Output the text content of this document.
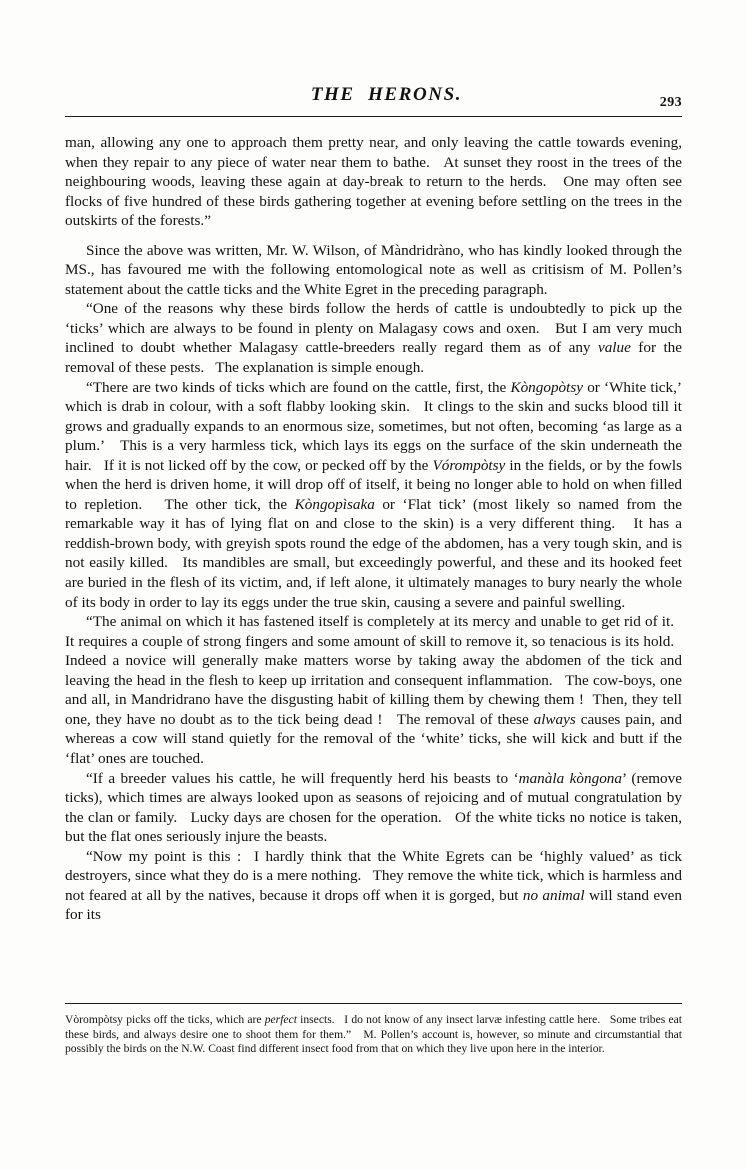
THE HERONS.	293

man, allowing any one to approach them pretty near, and only leaving the cattle towards evening, when they repair to any piece of water near them to bathe.   At sunset they roost in the trees of the neighbouring woods, leaving these again at day-break to return to the herds.   One may often see flocks of five hundred of these birds gathering together at evening before settling on the trees in the outskirts of the forests.”

Since the above was written, Mr. W. Wilson, of Màndridràno, who has kindly looked through the MS., has favoured me with the following entomological note as well as critisism of M. Pollen’s statement about the cattle ticks and the White Egret in the preceding paragraph.

“One of the reasons why these birds follow the herds of cattle is undoubtedly to pick up the ‘ticks’ which are always to be found in plenty on Malagasy cows and oxen.   But I am very much inclined to doubt whether Malagasy cattle-breeders really regard them as of any value for the removal of these pests.   The explanation is simple enough.

“There are two kinds of ticks which are found on the cattle, first, the Kòngopòtsy or ‘White tick,’ which is drab in colour, with a soft flabby looking skin.   It clings to the skin and sucks blood till it grows and gradually expands to an enormous size, sometimes, but not often, becoming ‘as large as a plum.’   This is a very harmless tick, which lays its eggs on the surface of the skin underneath the hair.   If it is not licked off by the cow, or pecked off by the Vórompòtsy in the fields, or by the fowls when the herd is driven home, it will drop off of itself, it being no longer able to hold on when filled to repletion.   The other tick, the Kòngopìsaka or ‘Flat tick’ (most likely so named from the remarkable way it has of lying flat on and close to the skin) is a very different thing.   It has a reddish-brown body, with greyish spots round the edge of the abdomen, has a very tough skin, and is not easily killed.   Its mandibles are small, but exceedingly powerful, and these and its hooked feet are buried in the flesh of its victim, and, if left alone, it ultimately manages to bury nearly the whole of its body in order to lay its eggs under the true skin, causing a severe and painful swelling.

“The animal on which it has fastened itself is completely at its mercy and unable to get rid of it.   It requires a couple of strong fingers and some amount of skill to remove it, so tenacious is its hold.   Indeed a novice will generally make matters worse by taking away the abdomen of the tick and leaving the head in the flesh to keep up irritation and consequent inflammation.   The cow-boys, one and all, in Mandridrano have the disgusting habit of killing them by chewing them !  Then, they tell one, they have no doubt as to the tick being dead !   The removal of these always causes pain, and whereas a cow will stand quietly for the removal of the ‘white’ ticks, she will kick and butt if the ‘flat’ ones are touched.

“If a breeder values his cattle, he will frequently herd his beasts to ‘manàla kòngona’ (remove ticks), which times are always looked upon as seasons of rejoicing and of mutual congratulation by the clan or family.   Lucky days are chosen for the operation.   Of the white ticks no notice is taken, but the flat ones seriously injure the beasts.

“Now my point is this :  I hardly think that the White Egrets can be ‘highly valued’ as tick destroyers, since what they do is a mere nothing.   They remove the white tick, which is harmless and not feared at all by the natives, because it drops off when it is gorged, but no animal will stand even for its

Vòrompòtsy picks off the ticks, which are perfect insects.   I do not know of any insect larvæ infesting cattle here.   Some tribes eat these birds, and always desire one to shoot them for them.”   M. Pollen’s account is, however, so minute and circumstantial that possibly the birds on the N.W. Coast find different insect food from that on which they live upon here in the interior.
